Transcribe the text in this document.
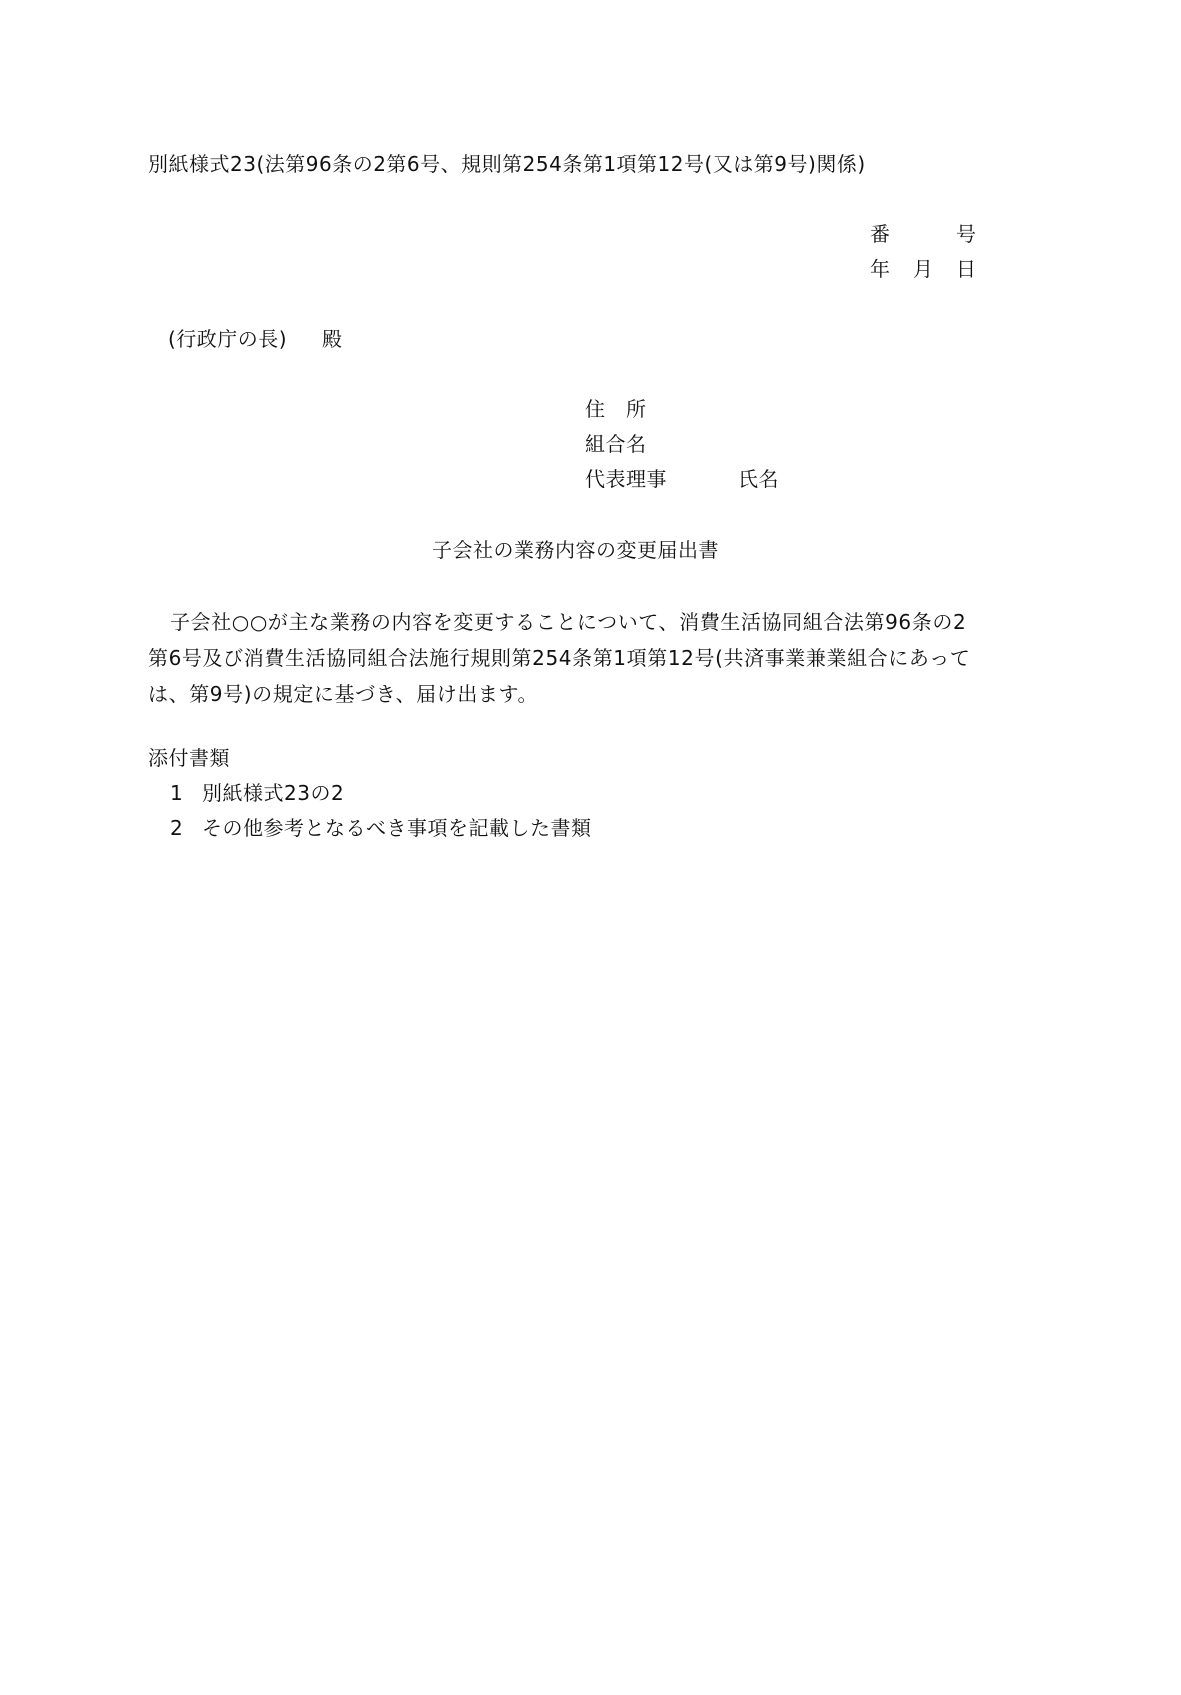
別紙様式23(法第96条の2第6号、規則第254条第1項第12号(又は第9号)関係)
番	号
年 月 日
(行政庁の長) 殿
住　所
組合名
代表理事	氏名
子会社の業務内容の変更届出書
子会社○○が主な業務の内容を変更することについて、消費生活協同組合法第96条の2
第6号及び消費生活協同組合法施行規則第254条第1項第12号(共済事業兼業組合にあって
は、第9号)の規定に基づき、届け出ます。
添付書類
1 別紙様式23の2
2 その他参考となるべき事項を記載した書類
